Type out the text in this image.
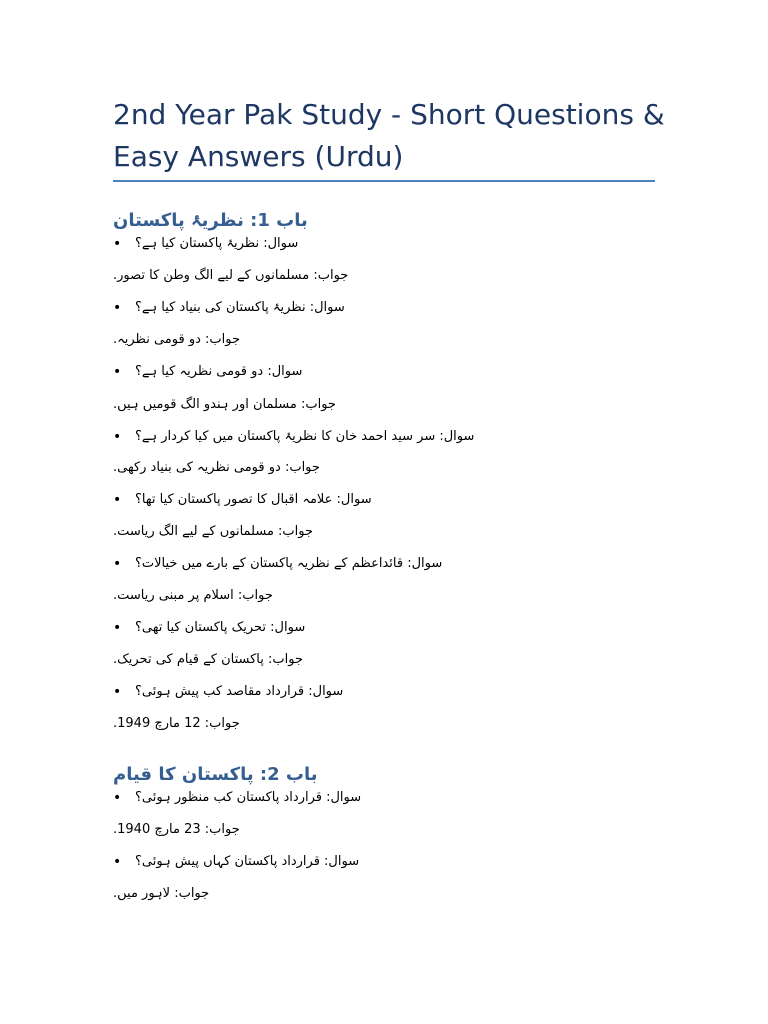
2nd Year Pak Study - Short Questions & Easy Answers (Urdu)
باب 1: نظریۂ پاکستان
•	سوال: نظریۂ پاکستان کیا ہے؟
جواب: مسلمانوں کے لیے الگ وطن کا تصور.
•	سوال: نظریۂ پاکستان کی بنیاد کیا ہے؟
جواب: دو قومی نظریہ.
•	سوال: دو قومی نظریہ کیا ہے؟
جواب: مسلمان اور ہندو الگ قومیں ہیں.
•	سوال: سر سید احمد خان کا نظریۂ پاکستان میں کیا کردار ہے؟
جواب: دو قومی نظریہ کی بنیاد رکھی.
•	سوال: علامہ اقبال کا تصور پاکستان کیا تھا؟
جواب: مسلمانوں کے لیے الگ ریاست.
•	سوال: قائداعظم کے نظریہ پاکستان کے بارے میں خیالات؟
جواب: اسلام پر مبنی ریاست.
•	سوال: تحریک پاکستان کیا تھی؟
جواب: پاکستان کے قیام کی تحریک.
•	سوال: قرارداد مقاصد کب پیش ہوئی؟
جواب: 12 مارچ 1949.
باب 2: پاکستان کا قیام
•	سوال: قرارداد پاکستان کب منظور ہوئی؟
جواب: 23 مارچ 1940.
•	سوال: قرارداد پاکستان کہاں پیش ہوئی؟
جواب: لاہور میں.
